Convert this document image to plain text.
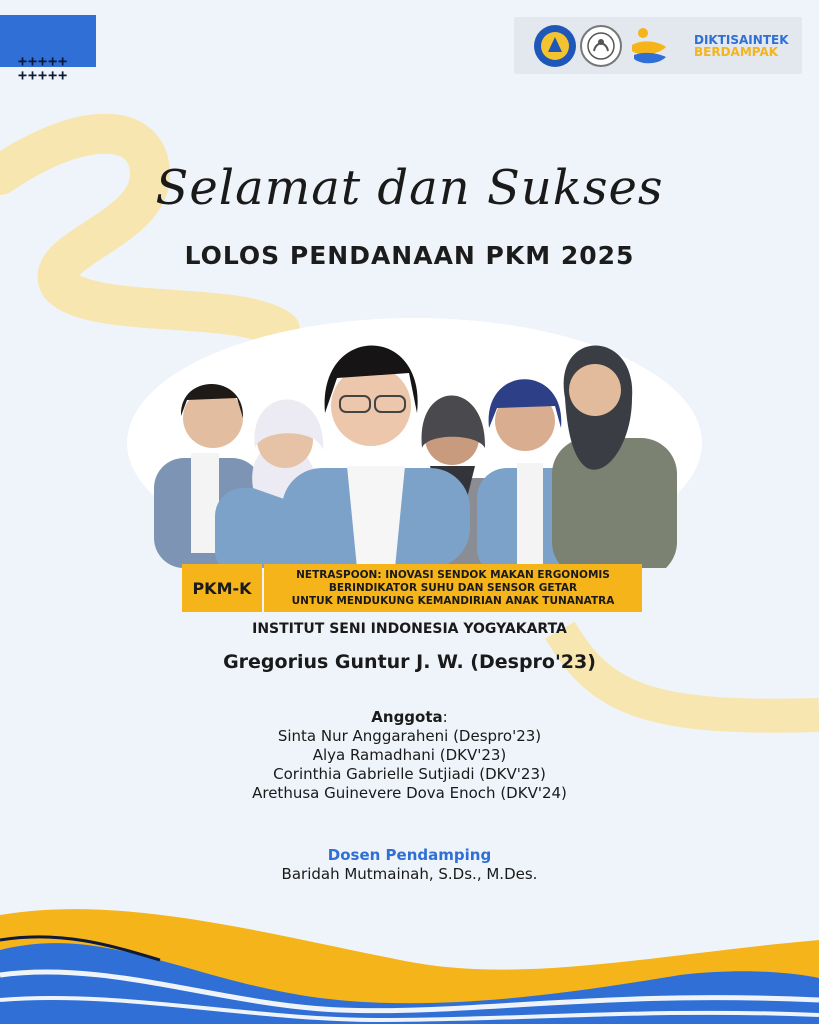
+++++
+++++
DIKTISAINTEK
BERDAMPAK
Selamat dan Sukses
LOLOS PENDANAAN PKM 2025
PKM-K
NETRASPOON: INOVASI SENDOK MAKAN ERGONOMIS
BERINDIKATOR SUHU DAN SENSOR GETAR
UNTUK MENDUKUNG KEMANDIRIAN ANAK TUNANATRA
INSTITUT SENI INDONESIA YOGYAKARTA
Gregorius Guntur J. W. (Despro'23)
Anggota:
Sinta Nur Anggaraheni (Despro'23)
Alya Ramadhani (DKV'23)
Corinthia Gabrielle Sutjiadi (DKV'23)
Arethusa Guinevere Dova Enoch (DKV'24)
Dosen Pendamping
Baridah Mutmainah, S.Ds., M.Des.
